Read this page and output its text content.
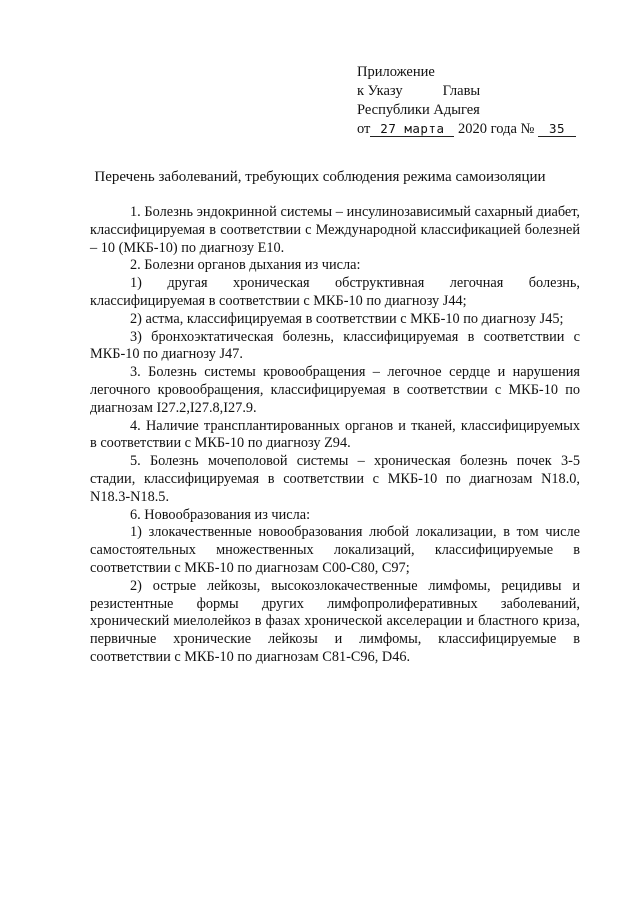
Приложение
к Указу	Главы
Республики Адыгея
от 27 марта 2020 года № 35
Перечень заболеваний, требующих соблюдения режима самоизоляции

1. Болезнь эндокринной системы – инсулинозависимый сахарный диабет, классифицируемая в соответствии с Международной классификацией болезней – 10 (МКБ-10) по диагнозу E10.

2. Болезни органов дыхания из числа:

1) другая хроническая обструктивная легочная болезнь, классифицируемая в соответствии с МКБ-10 по диагнозу J44;

2) астма, классифицируемая в соответствии с МКБ-10 по диагнозу J45;

3) бронхоэктатическая болезнь, классифицируемая в соответствии с МКБ-10 по диагнозу J47.

3. Болезнь системы кровообращения – легочное сердце и нарушения легочного кровообращения, классифицируемая в соответствии с МКБ-10 по диагнозам I27.2,I27.8,I27.9.

4. Наличие трансплантированных органов и тканей, классифицируемых в соответствии с МКБ-10 по диагнозу Z94.

5. Болезнь мочеполовой системы – хроническая болезнь почек 3-5 стадии, классифицируемая в соответствии с МКБ-10 по диагнозам N18.0, N18.3-N18.5.

6. Новообразования из числа:

1) злокачественные новообразования любой локализации, в том числе самостоятельных множественных локализаций, классифицируемые в соответствии с МКБ-10 по диагнозам C00-C80, C97;

2) острые лейкозы, высокозлокачественные лимфомы, рецидивы и резистентные формы других лимфопролиферативных заболеваний, хронический миелолейкоз в фазах хронической акселерации и бластного криза, первичные хронические лейкозы и лимфомы, классифицируемые в соответствии с МКБ-10 по диагнозам C81-C96, D46.
